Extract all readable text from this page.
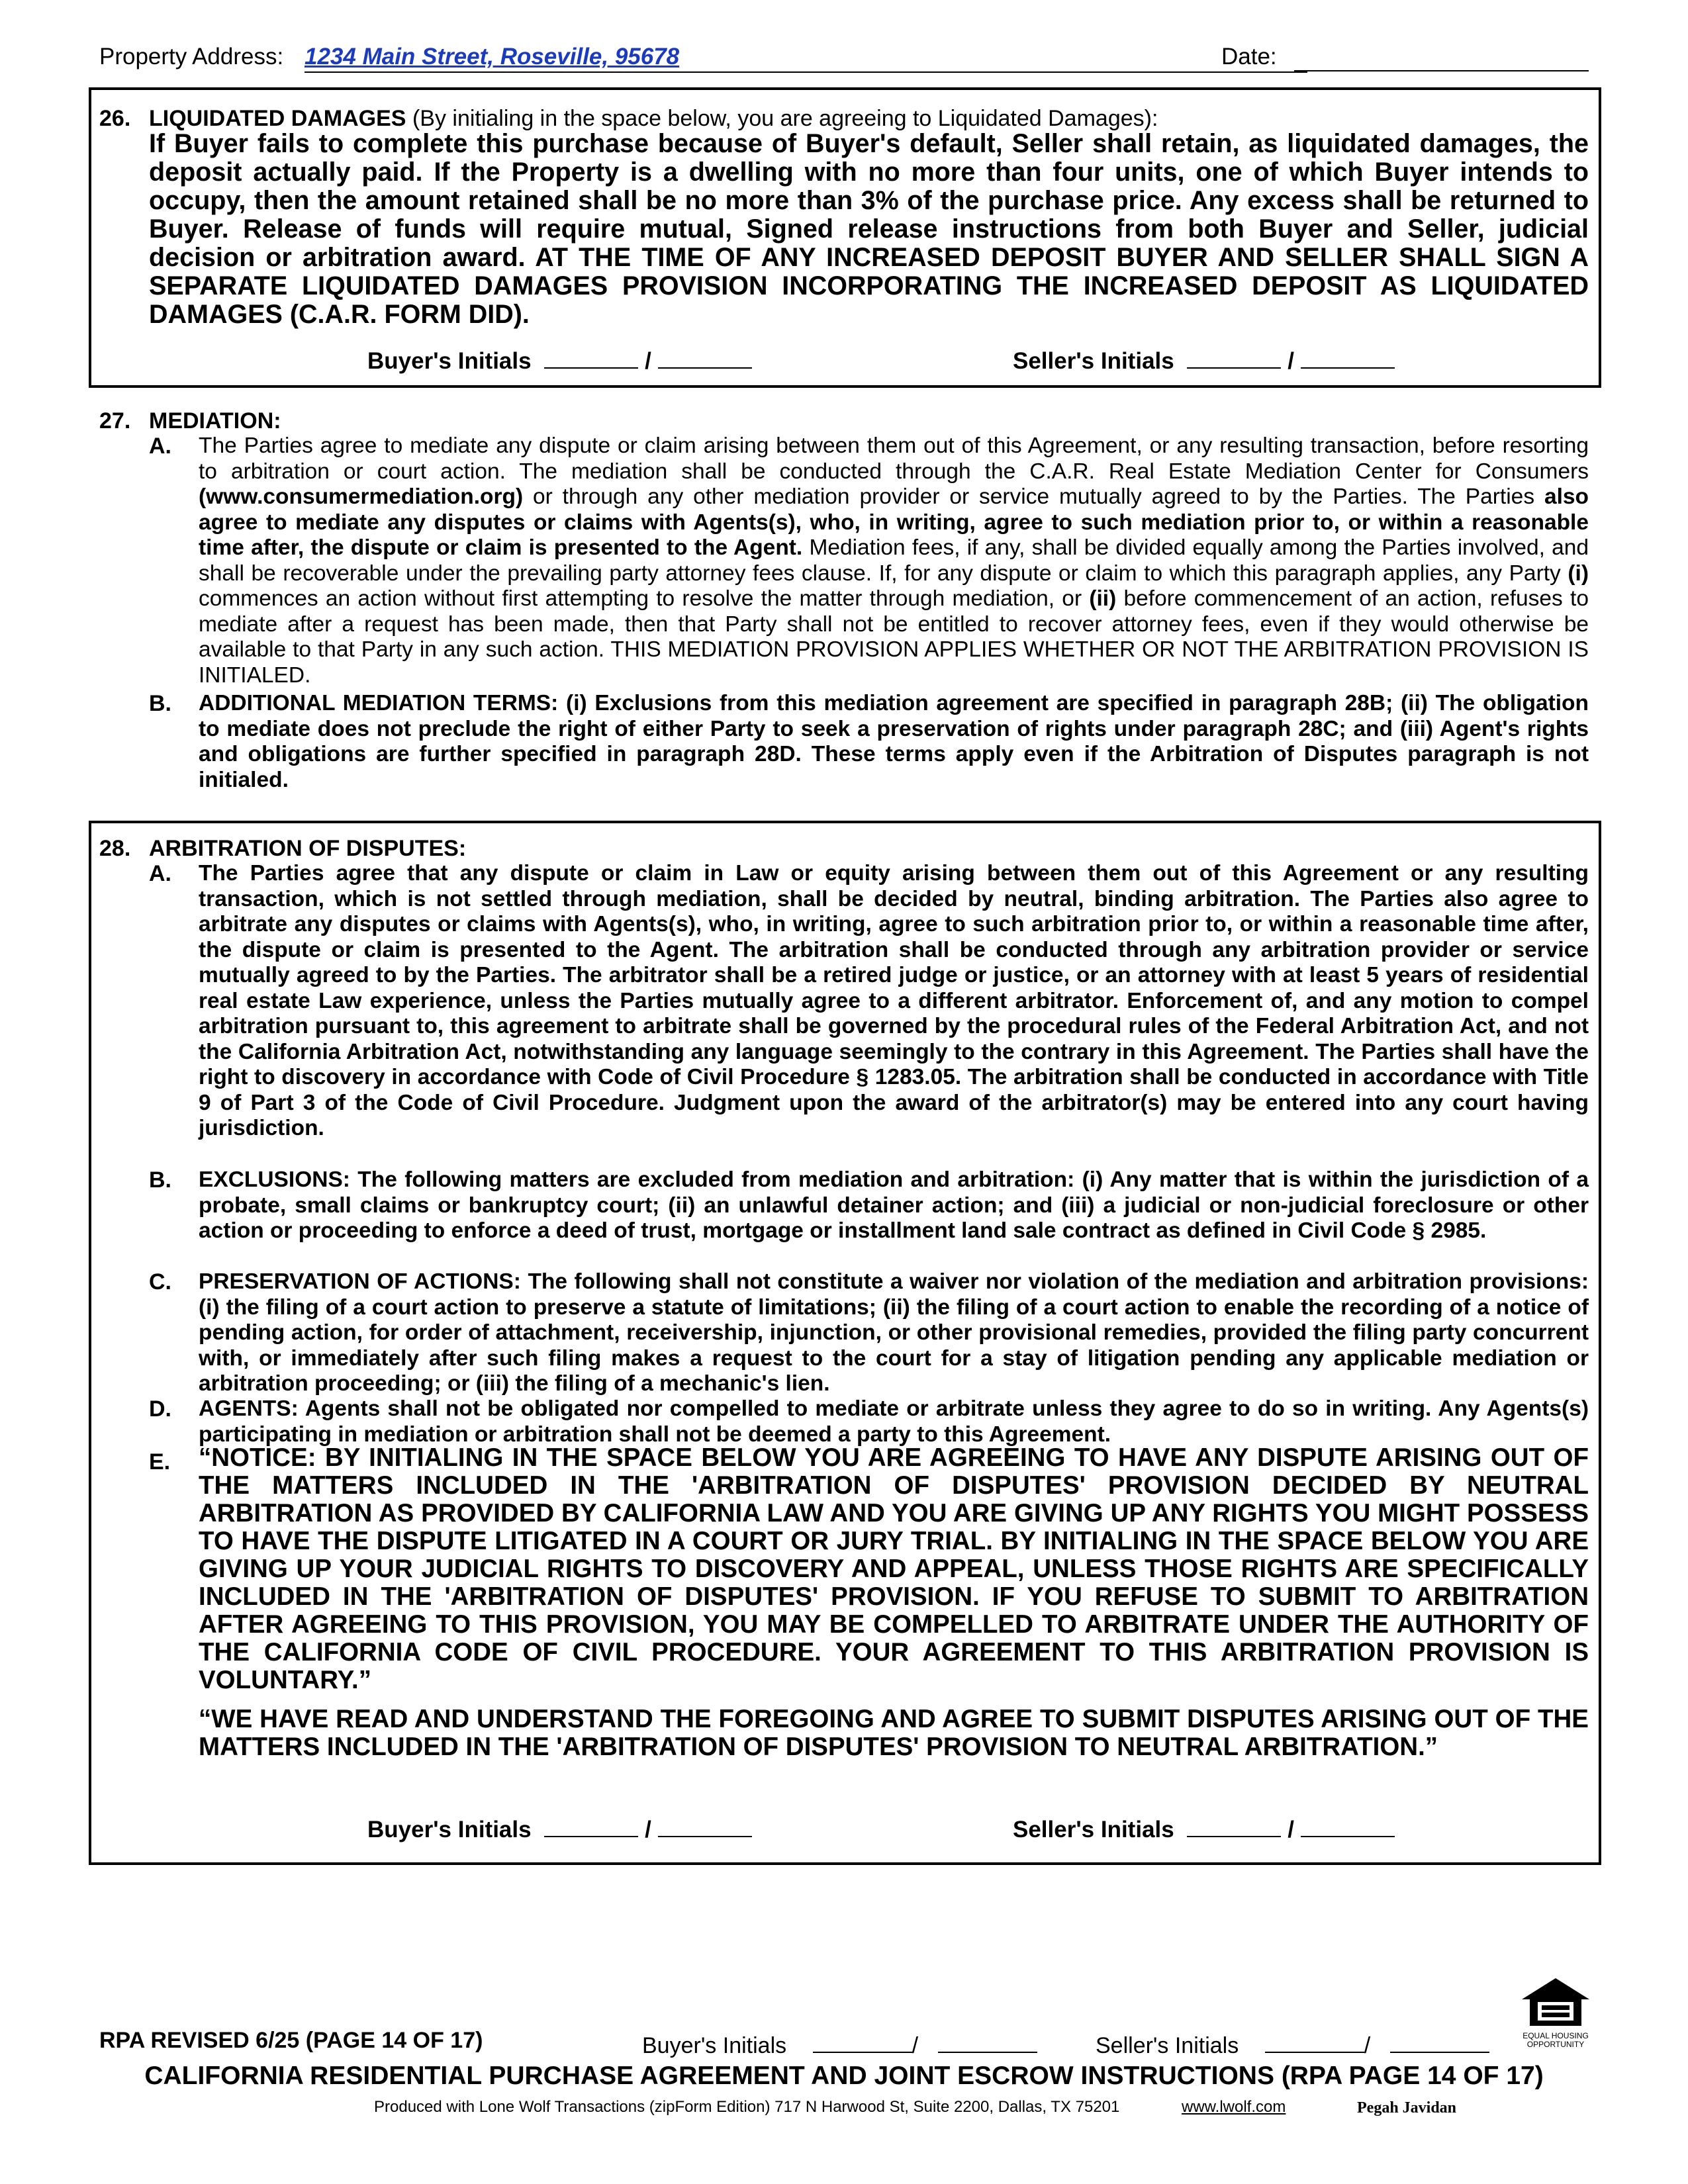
Property Address: 1234 Main Street, Roseville, 95678	Date:
26. LIQUIDATED DAMAGES (By initialing in the space below, you are agreeing to Liquidated Damages):
If Buyer fails to complete this purchase because of Buyer's default, Seller shall retain, as liquidated damages, the deposit actually paid. If the Property is a dwelling with no more than four units, one of which Buyer intends to occupy, then the amount retained shall be no more than 3% of the purchase price. Any excess shall be returned to Buyer. Release of funds will require mutual, Signed release instructions from both Buyer and Seller, judicial decision or arbitration award. AT THE TIME OF ANY INCREASED DEPOSIT BUYER AND SELLER SHALL SIGN A SEPARATE LIQUIDATED DAMAGES PROVISION INCORPORATING THE INCREASED DEPOSIT AS LIQUIDATED DAMAGES (C.A.R. FORM DID).
Buyer's Initials	/	Seller's Initials	/
27. MEDIATION:
A. The Parties agree to mediate any dispute or claim arising between them out of this Agreement, or any resulting transaction, before resorting to arbitration or court action. The mediation shall be conducted through the C.A.R. Real Estate Mediation Center for Consumers (www.consumermediation.org) or through any other mediation provider or service mutually agreed to by the Parties. The Parties also agree to mediate any disputes or claims with Agents(s), who, in writing, agree to such mediation prior to, or within a reasonable time after, the dispute or claim is presented to the Agent. Mediation fees, if any, shall be divided equally among the Parties involved, and shall be recoverable under the prevailing party attorney fees clause. If, for any dispute or claim to which this paragraph applies, any Party (i) commences an action without first attempting to resolve the matter through mediation, or (ii) before commencement of an action, refuses to mediate after a request has been made, then that Party shall not be entitled to recover attorney fees, even if they would otherwise be available to that Party in any such action. THIS MEDIATION PROVISION APPLIES WHETHER OR NOT THE ARBITRATION PROVISION IS INITIALED.
B. ADDITIONAL MEDIATION TERMS: (i) Exclusions from this mediation agreement are specified in paragraph 28B; (ii) The obligation to mediate does not preclude the right of either Party to seek a preservation of rights under paragraph 28C; and (iii) Agent's rights and obligations are further specified in paragraph 28D. These terms apply even if the Arbitration of Disputes paragraph is not initialed.
28. ARBITRATION OF DISPUTES:
A. The Parties agree that any dispute or claim in Law or equity arising between them out of this Agreement or any resulting transaction, which is not settled through mediation, shall be decided by neutral, binding arbitration. The Parties also agree to arbitrate any disputes or claims with Agents(s), who, in writing, agree to such arbitration prior to, or within a reasonable time after, the dispute or claim is presented to the Agent. The arbitration shall be conducted through any arbitration provider or service mutually agreed to by the Parties. The arbitrator shall be a retired judge or justice, or an attorney with at least 5 years of residential real estate Law experience, unless the Parties mutually agree to a different arbitrator. Enforcement of, and any motion to compel arbitration pursuant to, this agreement to arbitrate shall be governed by the procedural rules of the Federal Arbitration Act, and not the California Arbitration Act, notwithstanding any language seemingly to the contrary in this Agreement. The Parties shall have the right to discovery in accordance with Code of Civil Procedure § 1283.05. The arbitration shall be conducted in accordance with Title 9 of Part 3 of the Code of Civil Procedure. Judgment upon the award of the arbitrator(s) may be entered into any court having jurisdiction.
B. EXCLUSIONS: The following matters are excluded from mediation and arbitration: (i) Any matter that is within the jurisdiction of a probate, small claims or bankruptcy court; (ii) an unlawful detainer action; and (iii) a judicial or non-judicial foreclosure or other action or proceeding to enforce a deed of trust, mortgage or installment land sale contract as defined in Civil Code § 2985.
C. PRESERVATION OF ACTIONS: The following shall not constitute a waiver nor violation of the mediation and arbitration provisions: (i) the filing of a court action to preserve a statute of limitations; (ii) the filing of a court action to enable the recording of a notice of pending action, for order of attachment, receivership, injunction, or other provisional remedies, provided the filing party concurrent with, or immediately after such filing makes a request to the court for a stay of litigation pending any applicable mediation or arbitration proceeding; or (iii) the filing of a mechanic's lien.
D. AGENTS: Agents shall not be obligated nor compelled to mediate or arbitrate unless they agree to do so in writing. Any Agents(s) participating in mediation or arbitration shall not be deemed a party to this Agreement.
E. “NOTICE: BY INITIALING IN THE SPACE BELOW YOU ARE AGREEING TO HAVE ANY DISPUTE ARISING OUT OF THE MATTERS INCLUDED IN THE 'ARBITRATION OF DISPUTES' PROVISION DECIDED BY NEUTRAL ARBITRATION AS PROVIDED BY CALIFORNIA LAW AND YOU ARE GIVING UP ANY RIGHTS YOU MIGHT POSSESS TO HAVE THE DISPUTE LITIGATED IN A COURT OR JURY TRIAL. BY INITIALING IN THE SPACE BELOW YOU ARE GIVING UP YOUR JUDICIAL RIGHTS TO DISCOVERY AND APPEAL, UNLESS THOSE RIGHTS ARE SPECIFICALLY INCLUDED IN THE 'ARBITRATION OF DISPUTES' PROVISION. IF YOU REFUSE TO SUBMIT TO ARBITRATION AFTER AGREEING TO THIS PROVISION, YOU MAY BE COMPELLED TO ARBITRATE UNDER THE AUTHORITY OF THE CALIFORNIA CODE OF CIVIL PROCEDURE. YOUR AGREEMENT TO THIS ARBITRATION PROVISION IS VOLUNTARY.”
“WE HAVE READ AND UNDERSTAND THE FOREGOING AND AGREE TO SUBMIT DISPUTES ARISING OUT OF THE MATTERS INCLUDED IN THE 'ARBITRATION OF DISPUTES' PROVISION TO NEUTRAL ARBITRATION.”
Buyer's Initials	/	Seller's Initials	/
EQUAL HOUSING
OPPORTUNITY
RPA REVISED 6/25 (PAGE 14 OF 17)	Buyer's Initials	/	Seller's Initials	/
CALIFORNIA RESIDENTIAL PURCHASE AGREEMENT AND JOINT ESCROW INSTRUCTIONS (RPA PAGE 14 OF 17)
Produced with Lone Wolf Transactions (zipForm Edition) 717 N Harwood St, Suite 2200, Dallas, TX 75201	www.lwolf.com	Pegah Javidan
